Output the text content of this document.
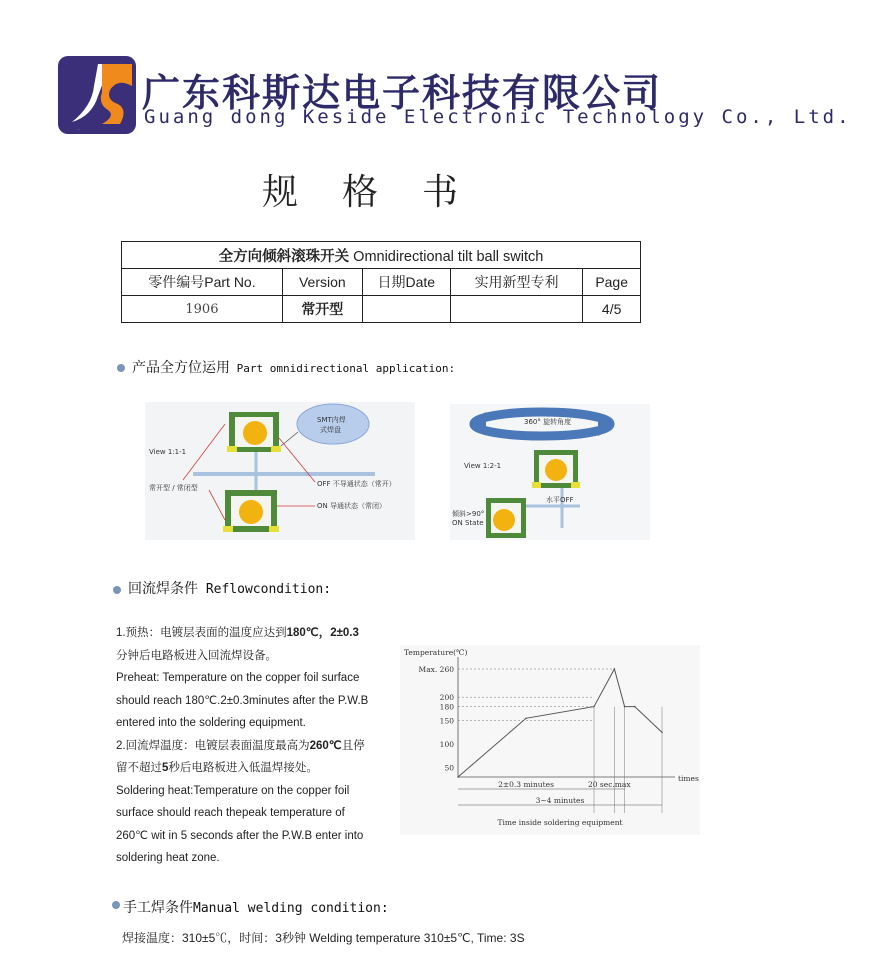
KS
广东科斯达电子科技有限公司
Guang dong Keside Electronic Technology Co., Ltd.
规格书
全方向倾斜滚珠开关 Omnidirectional tilt ball switch				
零件编号Part No.	Version	日期Date	实用新型专利	Page
1906	常开型			4/5
产品全方位运用 Part omnidirectional application:
SMT内焊
式焊盘
View 1:1-1
常开型 / 常闭型	OFF 不导通状态（常开）
ON 导通状态（常闭）
360° 旋转角度
View 1:2-1
水平OFF
倾斜>90°
ON State
回流焊条件 Reflowcondition:

1.预热：电镀层表面的温度应达到180℃，2±0.3

分钟后电路板进入回流焊设备。

Preheat: Temperature on the copper foil surface

should reach 180℃.2±0.3minutes after the P.W.B

entered into the soldering equipment.

2.回流焊温度：电镀层表面温度最高为260℃且停

留不超过5秒后电路板进入低温焊接处。

Soldering heat:Temperature on the copper foil

surface should reach thepeak temperature of

260℃ wit in 5 seconds after the P.W.B enter into

soldering heat zone.

Temperature(℃)
times
Max. 260
200
180
150
100
50
2±0.3 minutes	20 sec.max
3~4 minutes
Time inside soldering equipment
手工焊条件Manual welding condition:
焊接温度：310±5℃，时间：3秒钟 Welding temperature 310±5℃, Time: 3S
